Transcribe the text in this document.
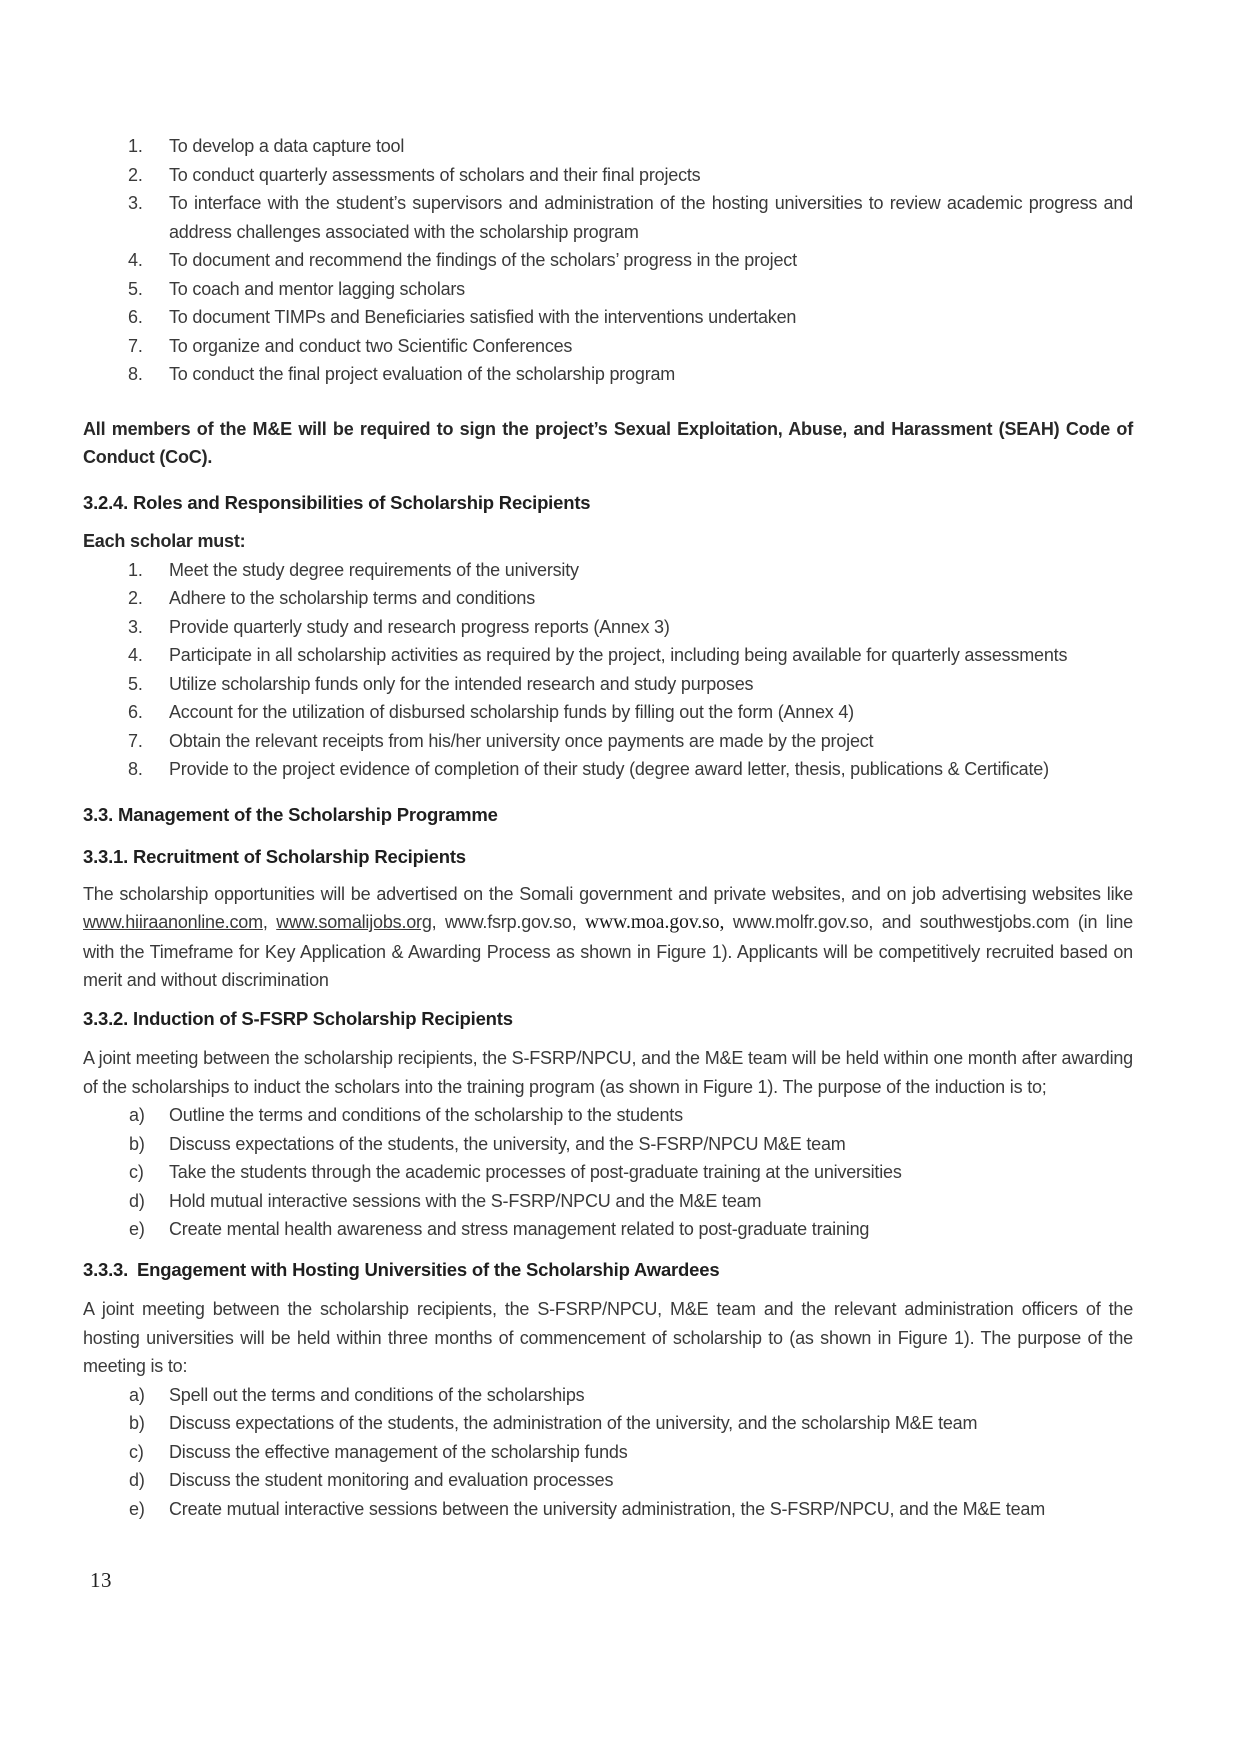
To develop a data capture tool
To conduct quarterly assessments of scholars and their final projects
To interface with the student’s supervisors and administration of the hosting universities to review academic progress and address challenges associated with the scholarship program
To document and recommend the findings of the scholars’ progress in the project
To coach and mentor lagging scholars
To document TIMPs and Beneficiaries satisfied with the interventions undertaken
To organize and conduct two Scientific Conferences
To conduct the final project evaluation of the scholarship program

All members of the M&E will be required to sign the project’s Sexual Exploitation, Abuse, and Harassment (SEAH) Code of Conduct (CoC).

3.2.4. Roles and Responsibilities of Scholarship Recipients

Each scholar must:

Meet the study degree requirements of the university
Adhere to the scholarship terms and conditions
Provide quarterly study and research progress reports (Annex 3)
Participate in all scholarship activities as required by the project, including being available for quarterly assessments
Utilize scholarship funds only for the intended research and study purposes
Account for the utilization of disbursed scholarship funds by filling out the form (Annex 4)
Obtain the relevant receipts from his/her university once payments are made by the project
Provide to the project evidence of completion of their study (degree award letter, thesis, publications & Certificate)
3.3. Management of the Scholarship Programme
3.3.1. Recruitment of Scholarship Recipients

The scholarship opportunities will be advertised on the Somali government and private websites, and on job advertising websites like www.hiiraanonline.com, www.somalijobs.org, www.fsrp.gov.so, www.moa.gov.so, www.molfr.gov.so, and southwestjobs.com (in line with the Timeframe for Key Application & Awarding Process as shown in Figure 1). Applicants will be competitively recruited based on merit and without discrimination

3.3.2. Induction of S-FSRP Scholarship Recipients

A joint meeting between the scholarship recipients, the S-FSRP/NPCU, and the M&E team will be held within one month after awarding of the scholarships to induct the scholars into the training program (as shown in Figure 1). The purpose of the induction is to;

Outline the terms and conditions of the scholarship to the students
Discuss expectations of the students, the university, and the S-FSRP/NPCU M&E team
Take the students through the academic processes of post-graduate training at the universities
Hold mutual interactive sessions with the S-FSRP/NPCU and the M&E team
Create mental health awareness and stress management related to post-graduate training
3.3.3. Engagement with Hosting Universities of the Scholarship Awardees

A joint meeting between the scholarship recipients, the S-FSRP/NPCU, M&E team and the relevant administration officers of the hosting universities will be held within three months of commencement of scholarship to (as shown in Figure 1). The purpose of the meeting is to:

Spell out the terms and conditions of the scholarships
Discuss expectations of the students, the administration of the university, and the scholarship M&E team
Discuss the effective management of the scholarship funds
Discuss the student monitoring and evaluation processes
Create mutual interactive sessions between the university administration, the S-FSRP/NPCU, and the M&E team
13
